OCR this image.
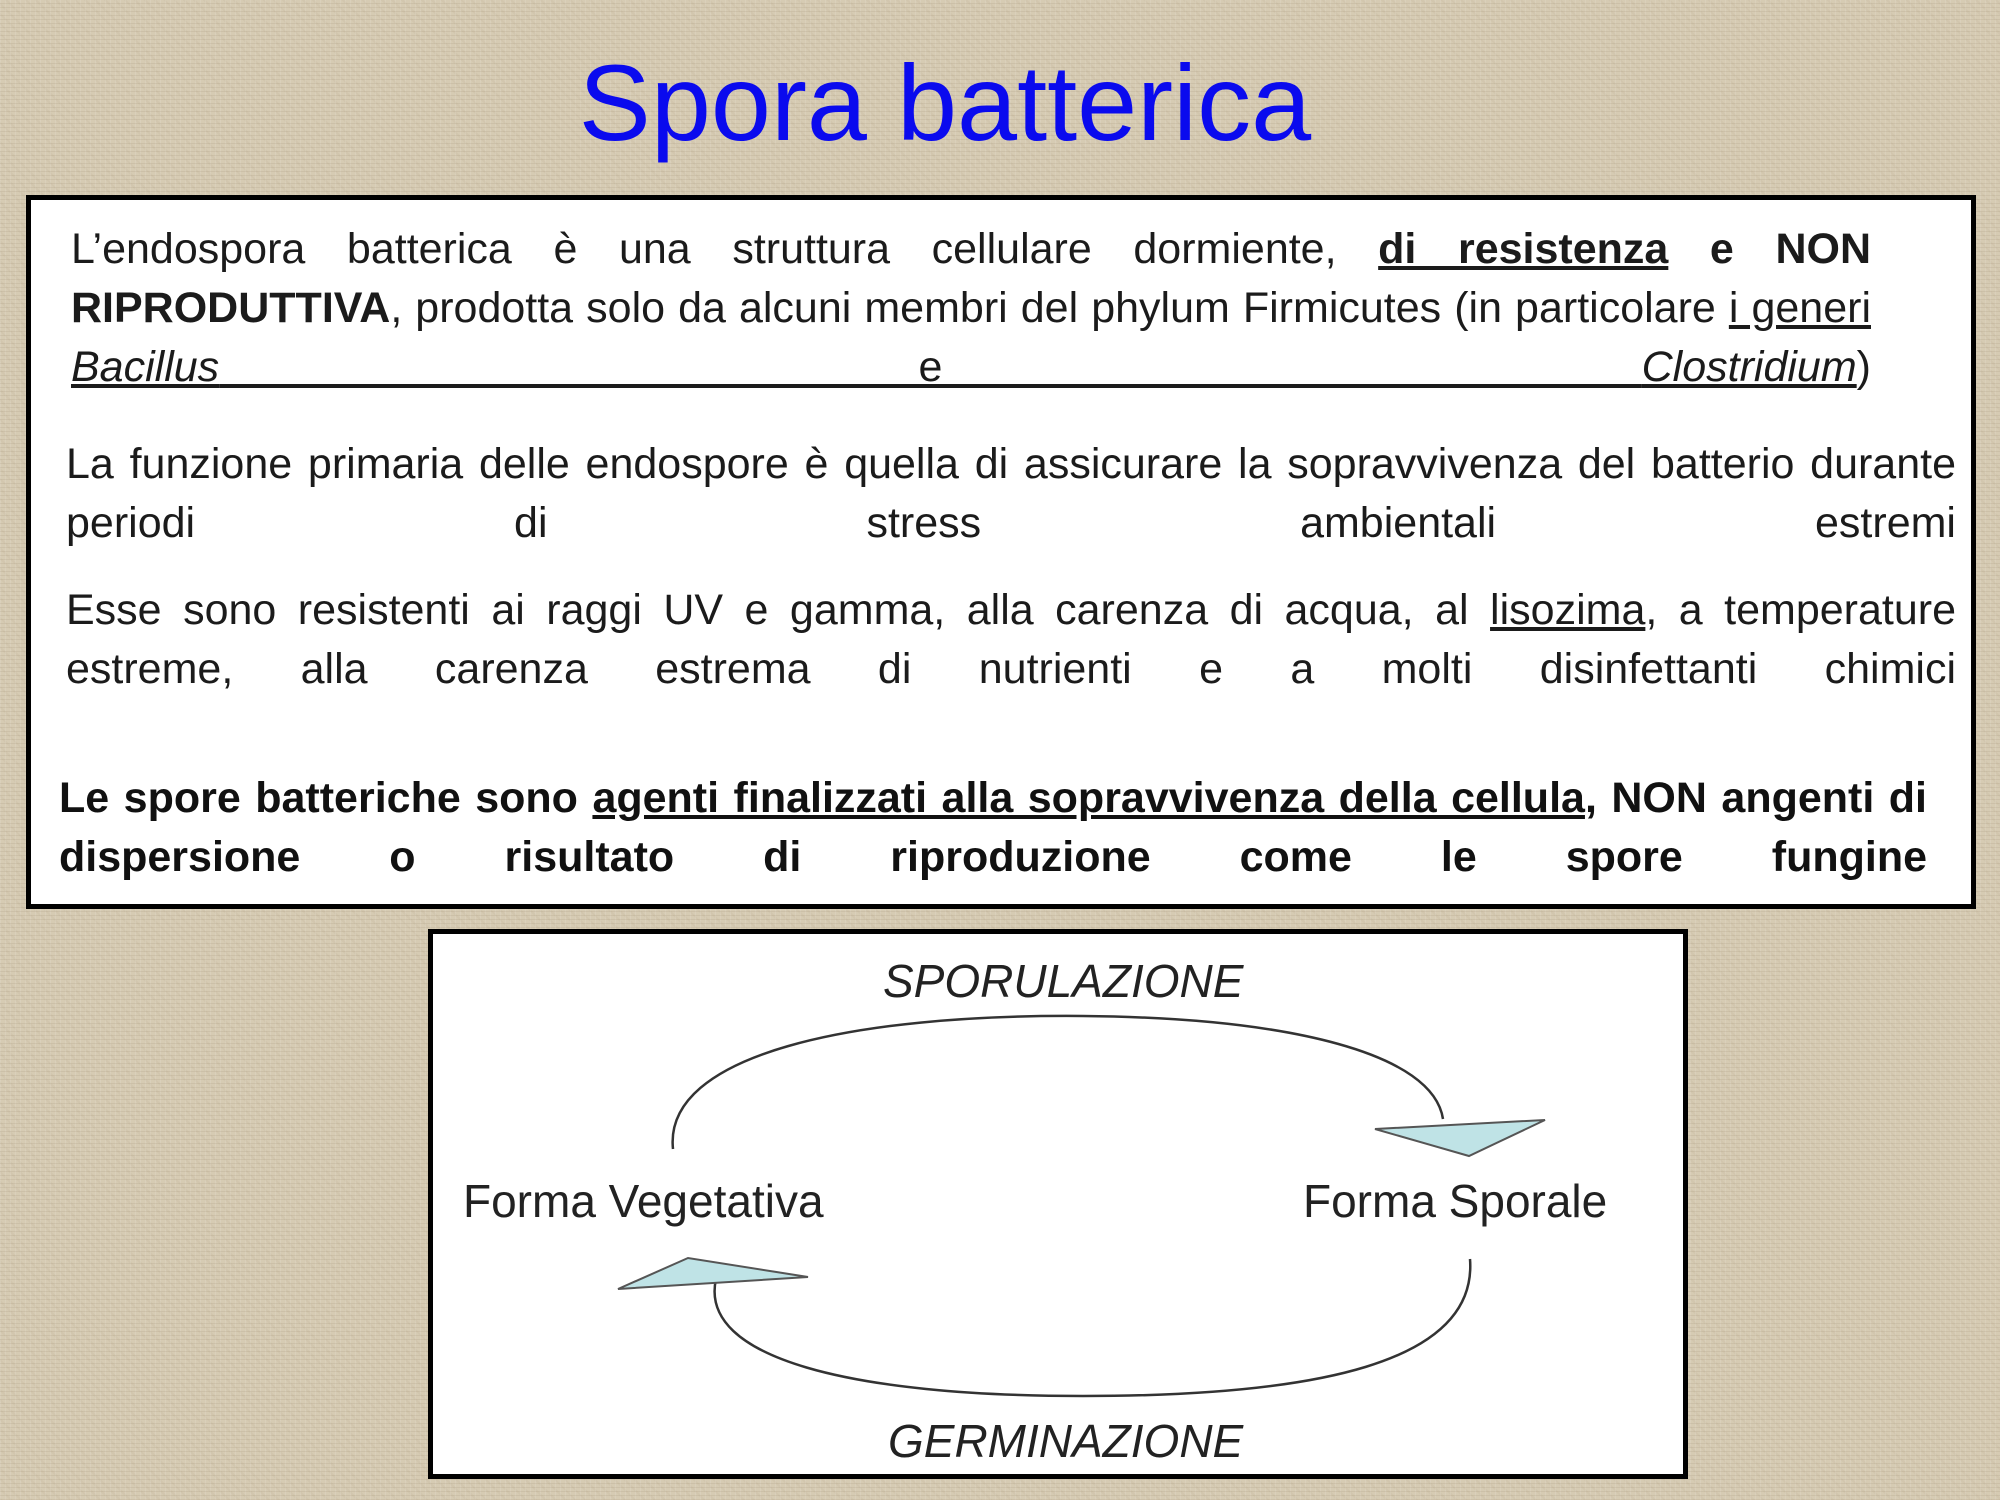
Spora batterica

L’endospora batterica è una struttura cellulare dormiente, di resistenza e NON RIPRODUTTIVA, prodotta solo da alcuni membri del phylum Firmicutes (in particolare i generi Bacillus e Clostridium)

La funzione primaria delle endospore è quella di assicurare la sopravvivenza del batterio durante periodi di stress ambientali estremi

Esse sono resistenti ai raggi UV e gamma, alla carenza di acqua, al lisozima, a temperature estreme, alla carenza estrema di nutrienti e a molti disinfettanti chimici

Le spore batteriche sono agenti finalizzati alla sopravvivenza della cellula, NON angenti di dispersione o risultato di riproduzione come le spore fungine

SPORULAZIONE
GERMINAZIONE
Forma Vegetativa	Forma Sporale
